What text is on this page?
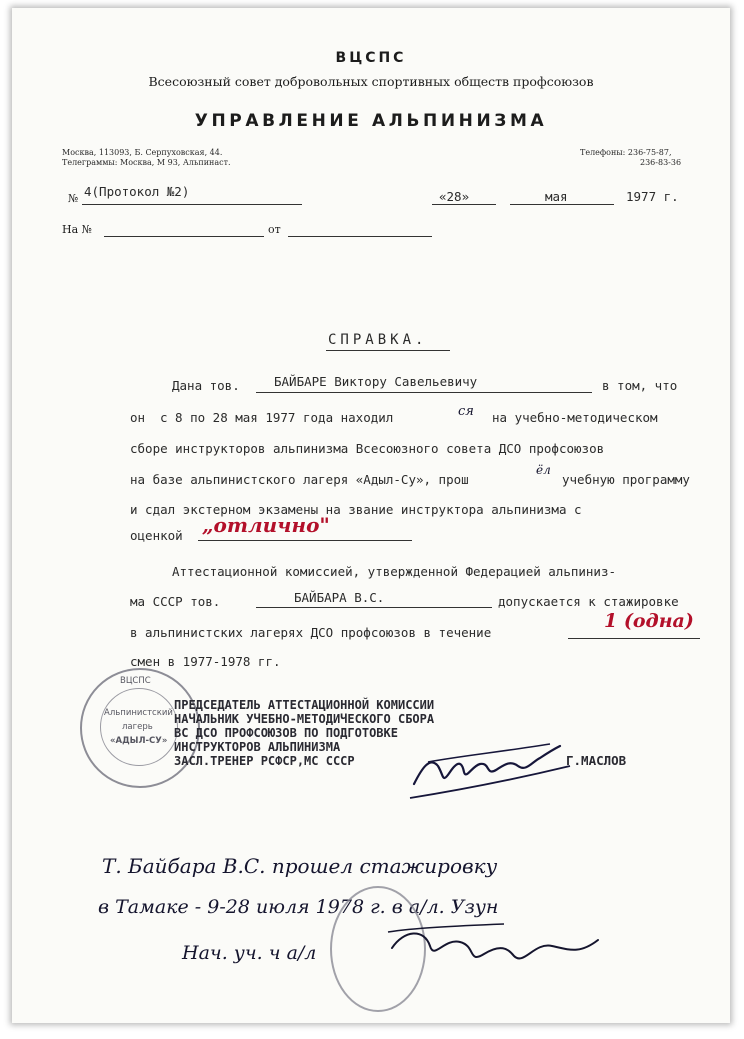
ВЦСПС
Всесоюзный совет добровольных спортивных обществ профсоюзов
УПРАВЛЕНИЕ АЛЬПИНИЗМА
Москва, 113093, Б. Серпуховская, 44.
Телеграммы: Москва, М 93, Альпинаст.
Телефоны: 236-75-87,
236-83-36
№ 4(Протокол №2)	«28»	мая	1977 г.
На №	от
СПРАВКА.
Дана тов.	БАЙБАРЕ Виктору Савельевичу	в том, что
он с 8 по 28 мая 1977 года находил	ся на учебно-методическом
сборе инструкторов альпинизма Всесоюзного совета ДСО профсоюзов
на базе альпинистского лагеря «Адыл-Су», прош
ёл
учебную программу
и сдал экстерном экзамены на звание инструктора альпинизма с
оценкой „отлично"
Аттестационной комиссией, утвержденной Федерацией альпиниз-
ма СССР тов.	БАЙБАРА В.С.	допускается к стажировке
в альпинистских лагерях ДСО профсоюзов в течение
1 (одна)
смен в 1977-1978 гг.
ВЦСПС
Альпинистский
лагерь
«АДЫЛ-СУ»
ПРЕДСЕДАТЕЛЬ АТТЕСТАЦИОННОЙ КОМИССИИ
НАЧАЛЬНИК УЧЕБНО-МЕТОДИЧЕСКОГО СБОРА
ВС ДСО ПРОФСОЮЗОВ ПО ПОДГОТОВКЕ
ИНСТРУКТОРОВ АЛЬПИНИЗМА
ЗАСЛ.ТРЕНЕР РСФСР,МС СССР	Г.МАСЛОВ
Т. Байбара В.С. прошел стажировку
в Тамаке - 9-28 июля 1978 г. в а/л. Узун
Нач. уч. ч а/л
